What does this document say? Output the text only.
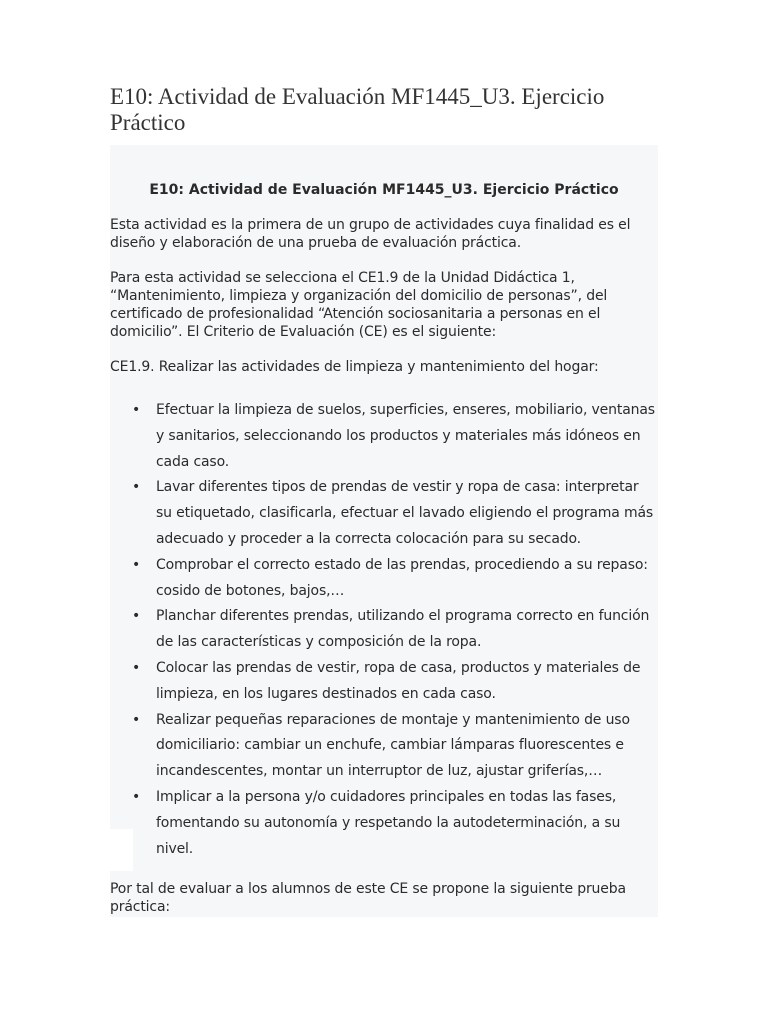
E10: Actividad de Evaluación MF1445_U3. Ejercicio Práctico

E10: Actividad de Evaluación MF1445_U3. Ejercicio Práctico

Esta actividad es la primera de un grupo de actividades cuya finalidad es el diseño y elaboración de una prueba de evaluación práctica.

Para esta actividad se selecciona el CE1.9 de la Unidad Didáctica 1, “Mantenimiento, limpieza y organización del domicilio de personas”, del certificado de profesionalidad “Atención sociosanitaria a personas en el domicilio”. El Criterio de Evaluación (CE) es el siguiente:

CE1.9. Realizar las actividades de limpieza y mantenimiento del hogar:

• Efectuar la limpieza de suelos, superficies, enseres, mobiliario, ventanas y sanitarios, seleccionando los productos y materiales más idóneos en cada caso.
• Lavar diferentes tipos de prendas de vestir y ropa de casa: interpretar su etiquetado, clasificarla, efectuar el lavado eligiendo el programa más adecuado y proceder a la correcta colocación para su secado.
• Comprobar el correcto estado de las prendas, procediendo a su repaso: cosido de botones, bajos,…
• Planchar diferentes prendas, utilizando el programa correcto en función de las características y composición de la ropa.
• Colocar las prendas de vestir, ropa de casa, productos y materiales de limpieza, en los lugares destinados en cada caso.
• Realizar pequeñas reparaciones de montaje y mantenimiento de uso domiciliario: cambiar un enchufe, cambiar lámparas fluorescentes e incandescentes, montar un interruptor de luz, ajustar griferías,…
• Implicar a la persona y/o cuidadores principales en todas las fases, fomentando su autonomía y respetando la autodeterminación, a su nivel.

Por tal de evaluar a los alumnos de este CE se propone la siguiente prueba práctica:
